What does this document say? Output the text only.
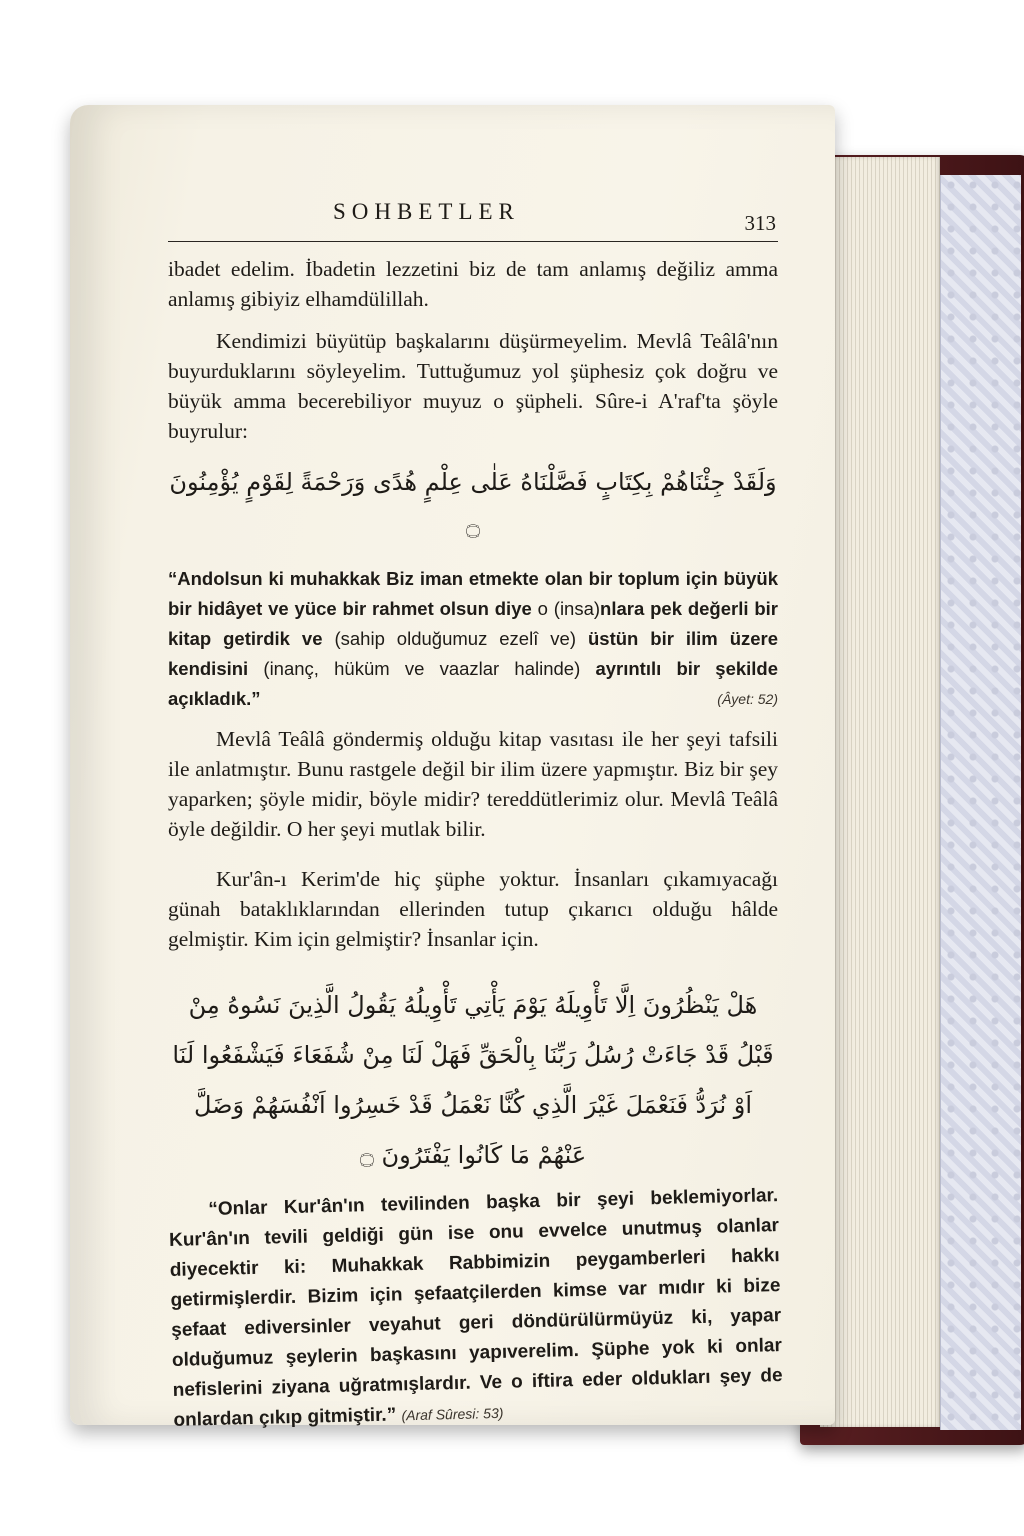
SOHBETLER	313

ibadet edelim. İbadetin lezzetini biz de tam anlamış değiliz amma anlamış gibiyiz elhamdülillah.

Kendimizi büyütüp başkalarını düşürmeyelim. Mevlâ Teâlâ'nın buyurduklarını söyleyelim. Tuttuğumuz yol şüphesiz çok doğru ve büyük amma becerebiliyor muyuz o şüpheli. Sûre-i A'raf'ta şöyle buyrulur:

وَلَقَدْ جِئْنَاهُمْ بِكِتَابٍ فَصَّلْنَاهُ عَلٰى عِلْمٍ هُدًى وَرَحْمَةً لِقَوْمٍ يُؤْمِنُونَ ۝

“Andolsun ki muhakkak Biz iman etmekte olan bir toplum için büyük bir hidâyet ve yüce bir rahmet olsun diye o (insa)nlara pek değerli bir kitap getirdik ve (sahip olduğumuz ezelî ve) üstün bir ilim üzere kendisini (inanç, hüküm ve vaazlar halinde) ayrıntılı bir şekilde açıkladık.”	(Âyet: 52)

Mevlâ Teâlâ göndermiş olduğu kitap vasıtası ile her şeyi tafsili ile anlatmıştır. Bunu rastgele değil bir ilim üzere yapmıştır. Biz bir şey yaparken; şöyle midir, böyle midir? tereddütlerimiz olur. Mevlâ Teâlâ öyle değildir. O her şeyi mutlak bilir.

Kur'ân-ı Kerim'de hiç şüphe yoktur. İnsanları çıkamıyacağı günah bataklıklarından ellerinden tutup çıkarıcı olduğu hâlde gelmiştir. Kim için gelmiştir? İnsanlar için.

هَلْ يَنْظُرُونَ اِلَّا تَأْوِيلَهُ يَوْمَ يَأْتِي تَأْوِيلُهُ يَقُولُ الَّذِينَ نَسُوهُ مِنْ قَبْلُ قَدْ جَاءَتْ رُسُلُ رَبِّنَا بِالْحَقِّ فَهَلْ لَنَا مِنْ شُفَعَاءَ فَيَشْفَعُوا لَنَا اَوْ نُرَدُّ فَنَعْمَلَ غَيْرَ الَّذِي كُنَّا نَعْمَلُ قَدْ خَسِرُوا اَنْفُسَهُمْ وَضَلَّ عَنْهُمْ مَا كَانُوا يَفْتَرُونَ ۝

“Onlar Kur'ân'ın tevilinden başka bir şeyi beklemiyorlar. Kur'ân'ın tevili geldiği gün ise onu evvelce unutmuş olanlar diyecektir ki: Muhakkak Rabbimizin peygamberleri hakkı getirmişlerdir. Bizim için şefaatçilerden kimse var mıdır ki bize şefaat ediversinler veyahut geri döndürülürmüyüz ki, yapar olduğumuz şeylerin başkasını yapıverelim. Şüphe yok ki onlar nefislerini ziyana uğratmışlardır. Ve o iftira eder oldukları şey de onlardan çıkıp gitmiştir.” (Araf Sûresi: 53)
